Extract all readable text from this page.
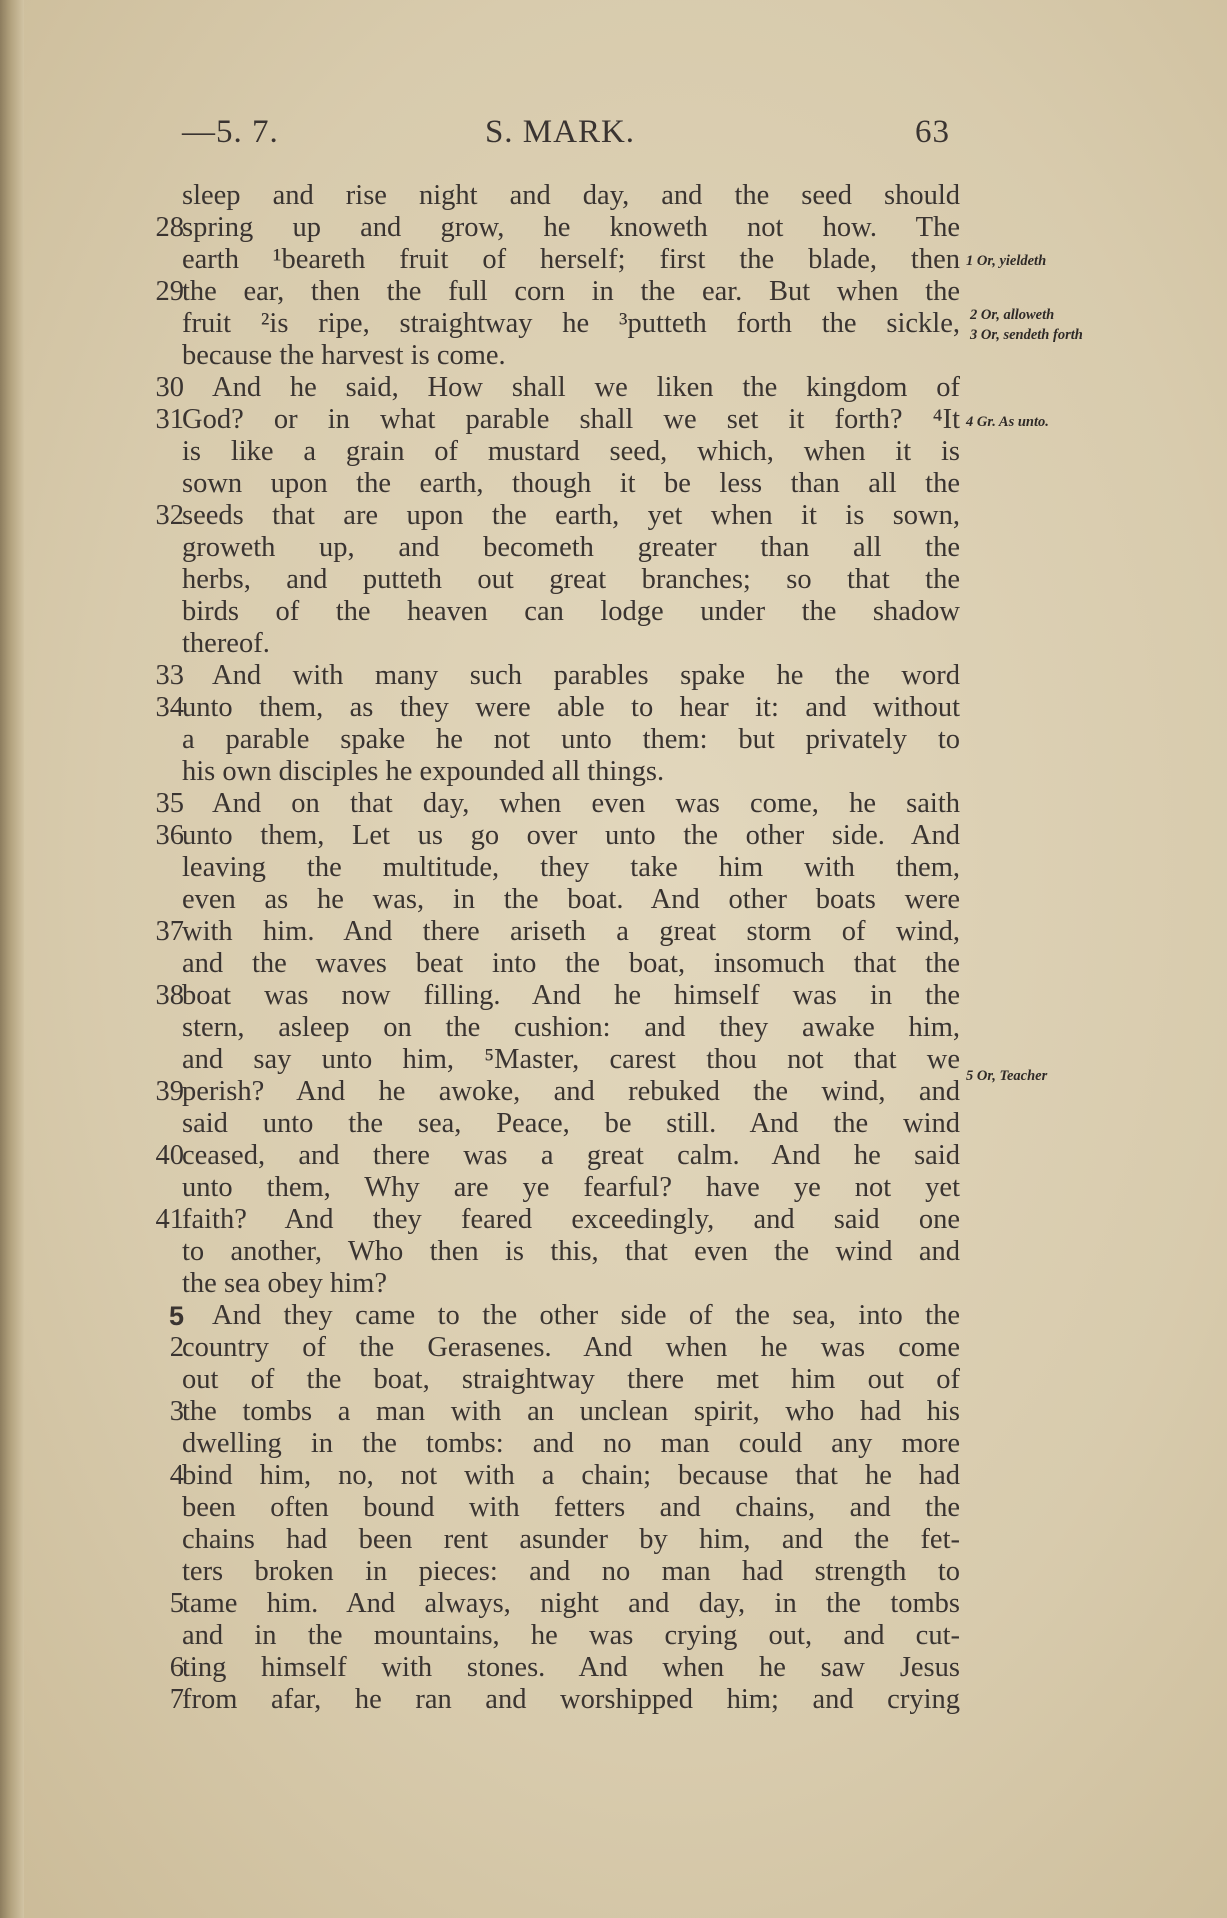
—5. 7.	S. MARK.	63
sleep and rise night and day, and the seed should
28
spring up and grow, he knoweth not how. The
earth ¹beareth fruit of herself; first the blade, then
29
the ear, then the full corn in the ear. But when the
fruit ²is ripe, straightway he ³putteth forth the sickle,
because the harvest is come.
30 And he said, How shall we liken the kingdom of
31
God? or in what parable shall we set it forth? ⁴It
is like a grain of mustard seed, which, when it is
sown upon the earth, though it be less than all the
32
seeds that are upon the earth, yet when it is sown,
groweth up, and becometh greater than all the
herbs, and putteth out great branches; so that the
birds of the heaven can lodge under the shadow
thereof.
33 And with many such parables spake he the word
34
unto them, as they were able to hear it: and without
a parable spake he not unto them: but privately to
his own disciples he expounded all things.
35 And on that day, when even was come, he saith
36
unto them, Let us go over unto the other side. And
leaving the multitude, they take him with them,
even as he was, in the boat. And other boats were
37
with him. And there ariseth a great storm of wind,
and the waves beat into the boat, insomuch that the
38
boat was now filling. And he himself was in the
stern, asleep on the cushion: and they awake him,
and say unto him, ⁵Master, carest thou not that we
39
perish? And he awoke, and rebuked the wind, and
said unto the sea, Peace, be still. And the wind
40
ceased, and there was a great calm. And he said
unto them, Why are ye fearful? have ye not yet
41
faith? And they feared exceedingly, and said one
to another, Who then is this, that even the wind and
the sea obey him?
5 And they came to the other side of the sea, into the
2
country of the Gerasenes. And when he was come
out of the boat, straightway there met him out of
3
the tombs a man with an unclean spirit, who had his
dwelling in the tombs: and no man could any more
4
bind him, no, not with a chain; because that he had
been often bound with fetters and chains, and the
chains had been rent asunder by him, and the fet-
ters broken in pieces: and no man had strength to
5
tame him. And always, night and day, in the tombs
and in the mountains, he was crying out, and cut-
6
ting himself with stones. And when he saw Jesus
7
from afar, he ran and worshipped him; and crying
1 Or, yieldeth
2 Or, alloweth
3 Or, sendeth forth
4 Gr. As unto.
5 Or, Teacher
